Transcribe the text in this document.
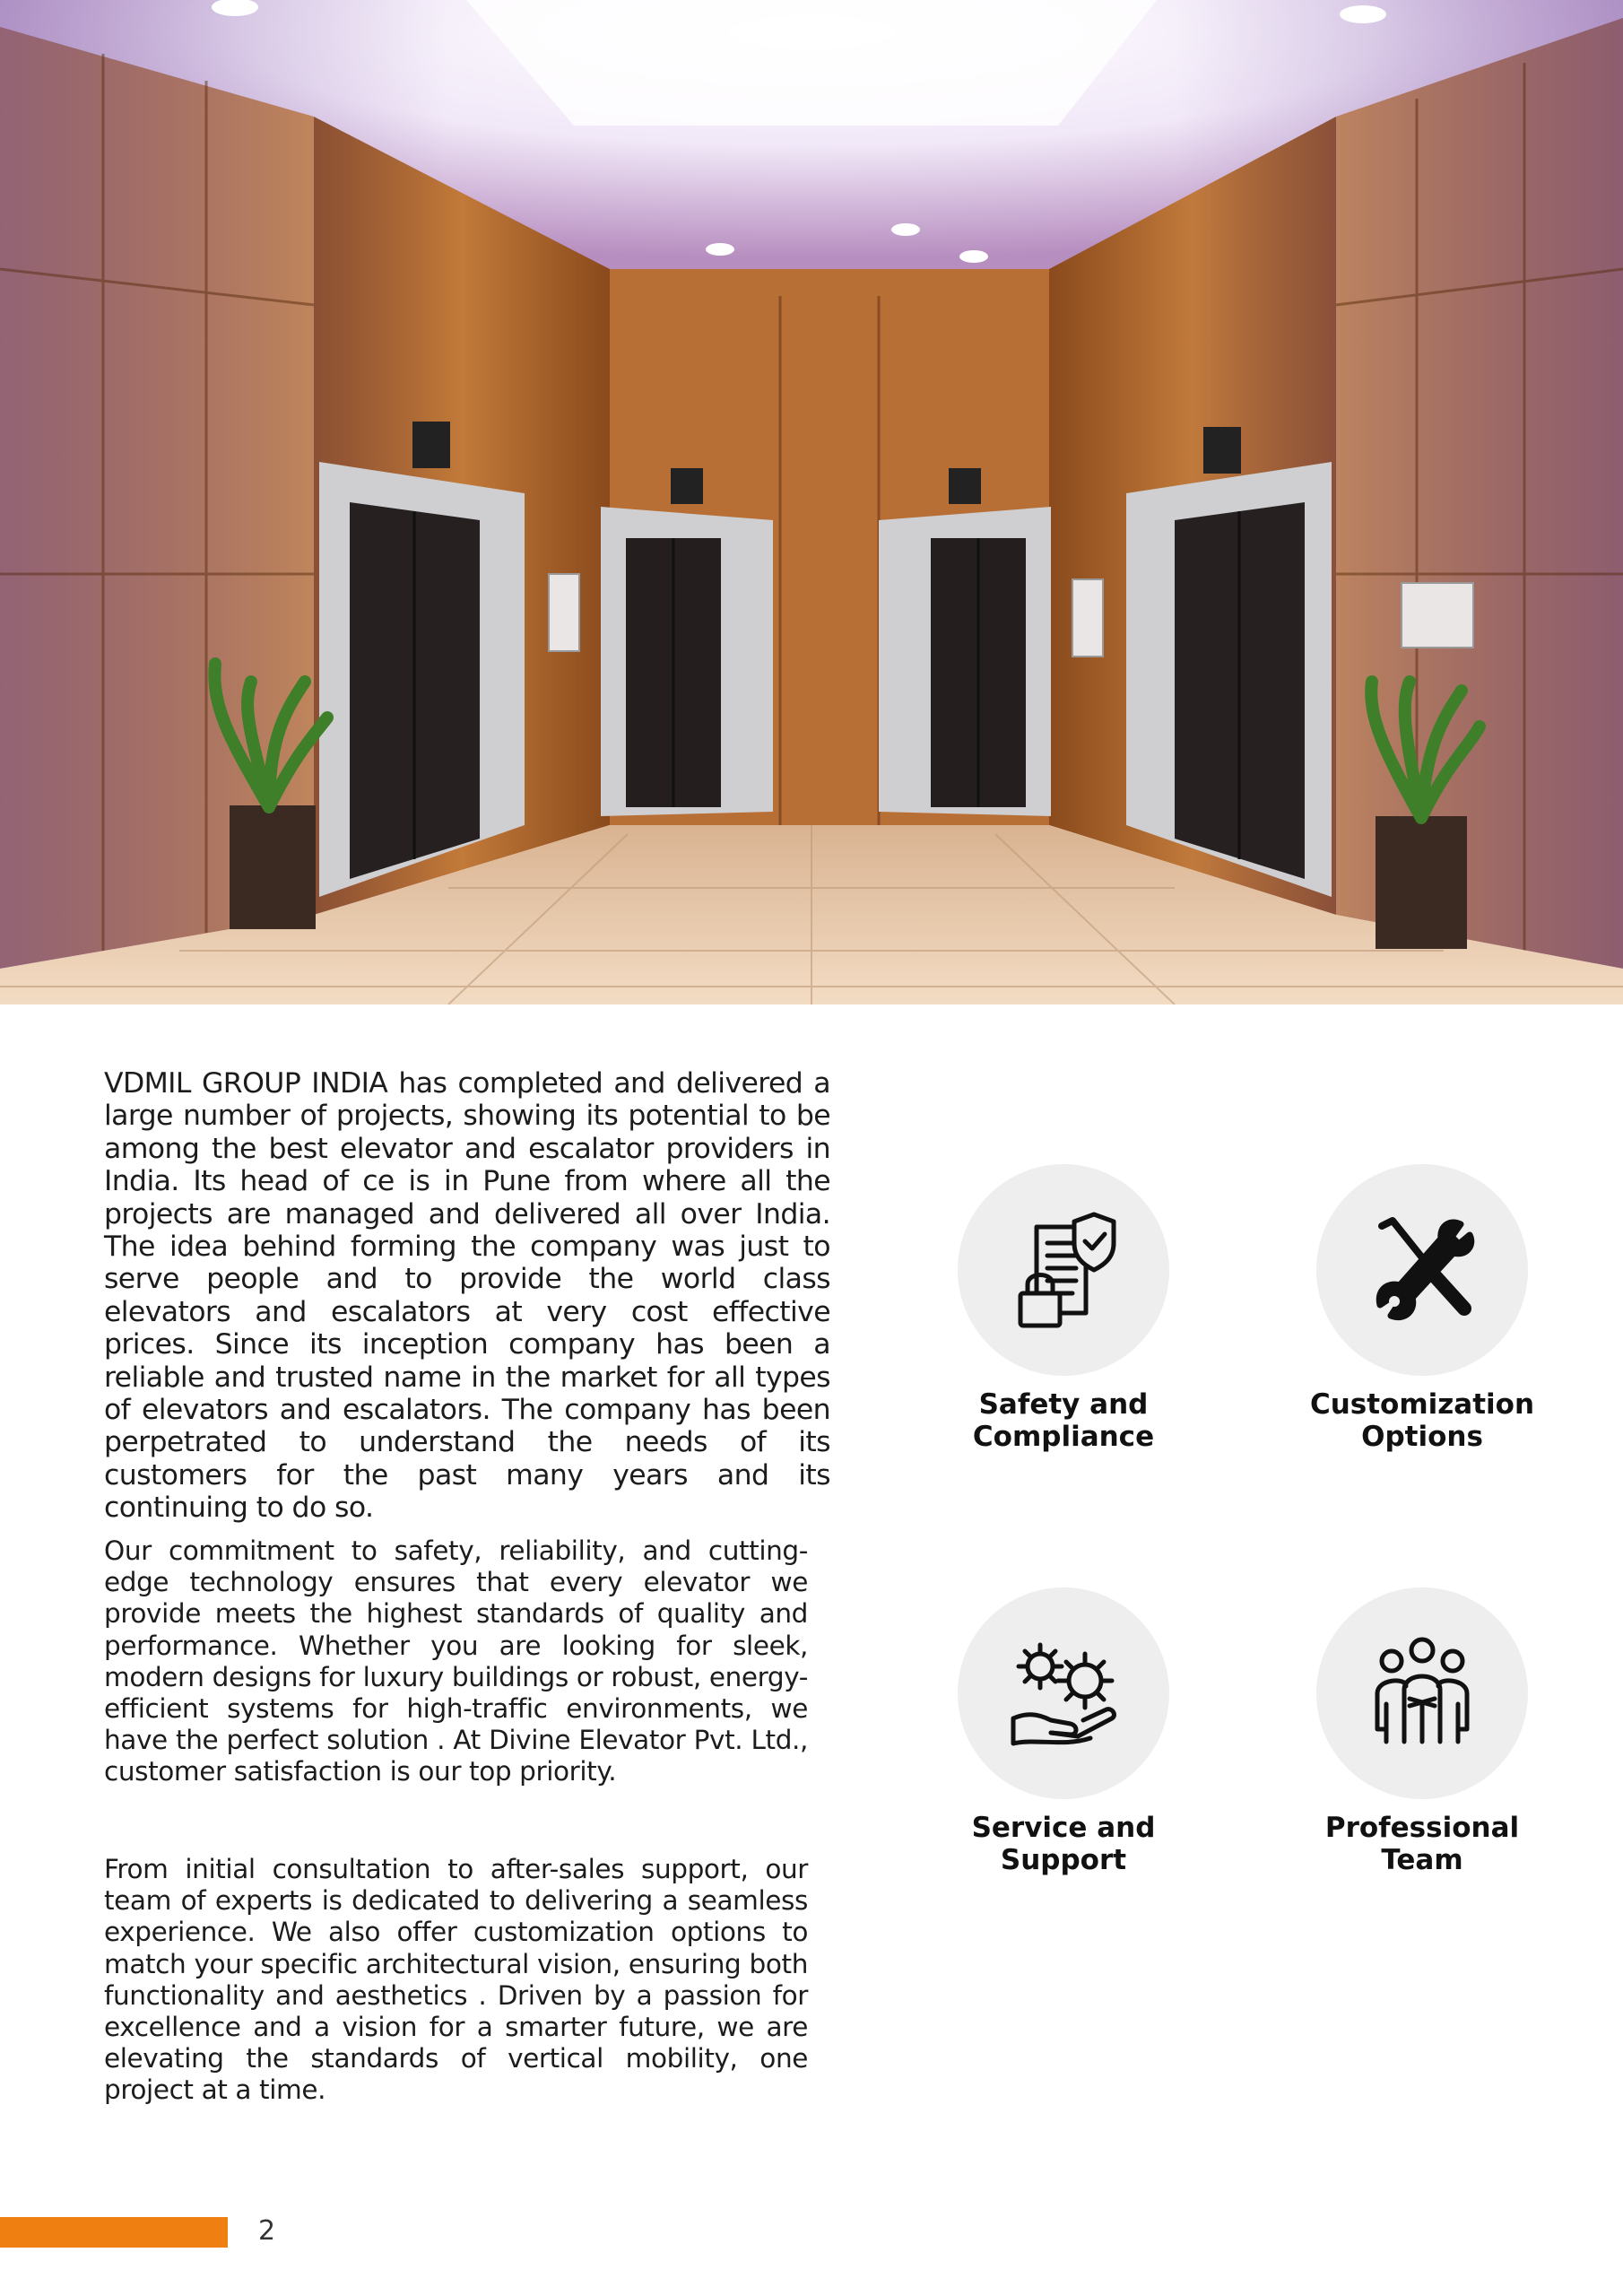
VDMIL GROUP INDIA has completed and delivered a large number of projects, showing its potential to be among the best elevator and escalator providers in India. Its head of ce is in Pune from where all the projects are managed and delivered all over India. The idea behind forming the company was just to serve people and to provide the world class elevators and escalators at very cost effective prices. Since its inception company has been a reliable and trusted name in the market for all types of elevators and escalators. The company has been perpetrated to understand the needs of its customers for the past many years and its continuing to do so.

Our commitment to safety, reliability, and cutting-edge technology ensures that every elevator we provide meets the highest standards of quality and performance. Whether you are looking for sleek, modern designs for luxury buildings or robust, energy-efficient systems for high-traffic environments, we have the perfect solution . At Divine Elevator Pvt. Ltd., customer satisfaction is our top priority.

From initial consultation to after-sales support, our team of experts is dedicated to delivering a seamless experience. We also offer customization options to match your specific architectural vision, ensuring both functionality and aesthetics . Driven by a passion for excellence and a vision for a smarter future, we are elevating the standards of vertical mobility, one project at a time.

Safety and
Compliance
Customization
Options
Service and
Support
Professional
Team
2
